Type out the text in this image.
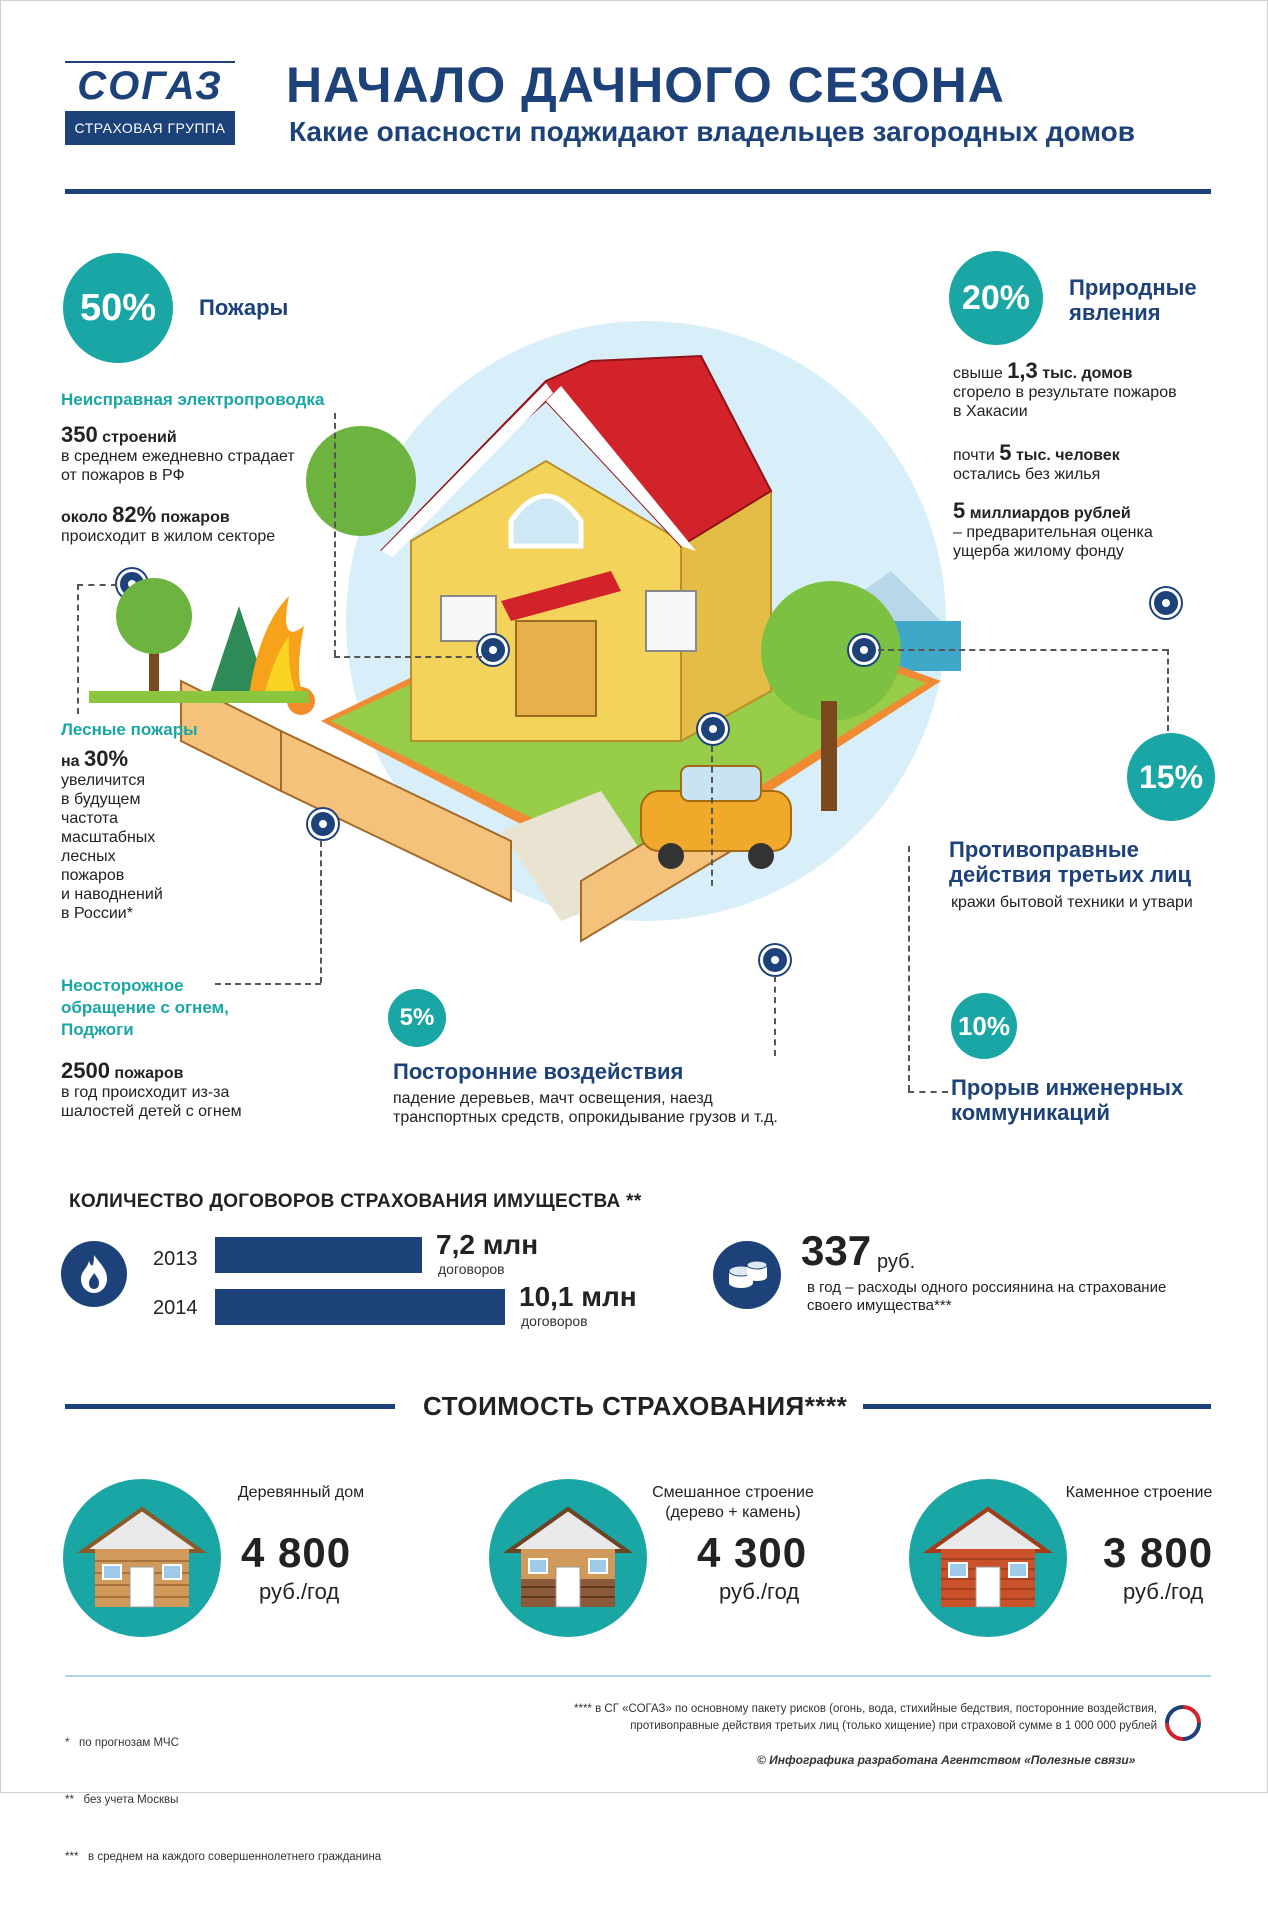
СОГАЗ
СТРАХОВАЯ ГРУППА
НАЧАЛО ДАЧНОГО СЕЗОНА
Какие опасности поджидают владельцев загородных домов
50%	Пожары
Неисправная электропроводка
350 строений
в среднем ежедневно страдает
от пожаров в РФ
около 82% пожаров
происходит в жилом секторе
Лесные пожары
на 30%
увеличится
в будущем
частота
масштабных
лесных
пожаров
и наводнений
в России*
Неосторожное
обращение с огнем,
Поджоги
2500 пожаров
в год происходит из-за
шалостей детей с огнем
20%	Природные
явления
свыше 1,3 тыс. домов
сгорело в результате пожаров
в Хакасии
почти 5 тыс. человек
остались без жилья
5 миллиардов рублей
– предварительная оценка
ущерба жилому фонду
15%
Противоправные
действия третьих лиц
кражи бытовой техники и утвари
5%
Посторонние воздействия
падение деревьев, мачт освещения, наезд
транспортных средств, опрокидывание грузов и т.д.
10%
Прорыв инженерных
коммуникаций
КОЛИЧЕСТВО ДОГОВОРОВ СТРАХОВАНИЯ ИМУЩЕСТВА **
2013	7,2 млн
договоров
2014	10,1 млн
договоров
337 руб.
в год – расходы одного россиянина на страхование
своего имущества***
СТОИМОСТЬ СТРАХОВАНИЯ****
Деревянный дом
4 800
руб./год
Смешанное строение
(дерево + камень)
4 300
руб./год
Каменное строение
3 800
руб./год

*   по прогнозам МЧС

**   без учета Москвы

***   в среднем на каждого совершеннолетнего гражданина

**** в СГ «СОГАЗ» по основному пакету рисков (огонь, вода, стихийные бедствия, посторонние воздействия,
противоправные действия третьих лиц (только хищение) при страховой сумме в 1 000 000 рублей
© Инфографика разработана Агентством «Полезные связи»
